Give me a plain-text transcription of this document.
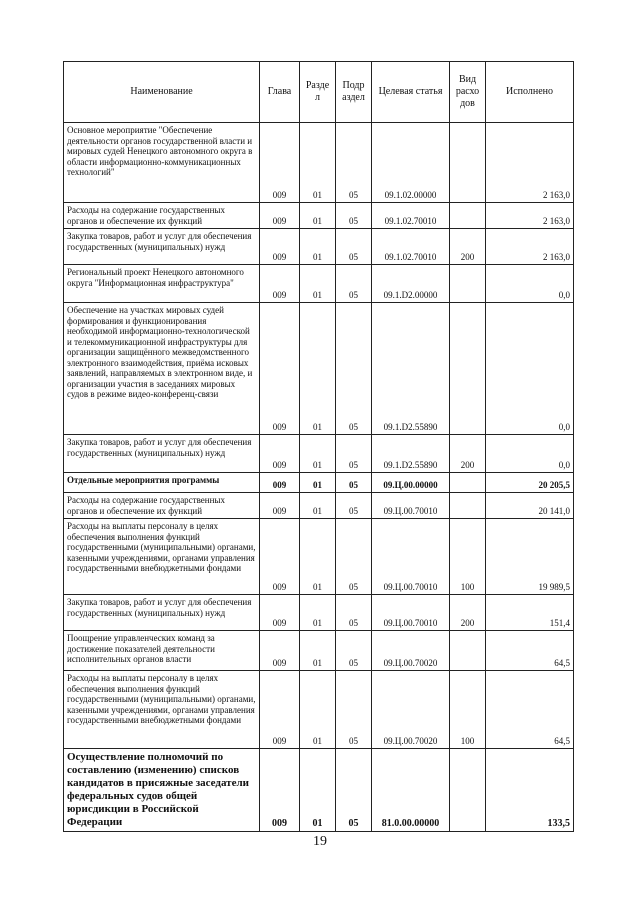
Наименование	Глава	Разде л	Подр аздел	Целевая статья	Вид расхо дов	Исполнено
Основное мероприятие "Обеспечение деятельности органов государственной власти и мировых судей Ненецкого автономного округа в области информационно-коммуникационных технологий"	009	01	05	09.1.02.00000		2 163,0
Расходы на содержание государственных органов и обеспечение их функций	009	01	05	09.1.02.70010		2 163,0
Закупка товаров, работ и услуг для обеспечения государственных (муниципальных) нужд	009	01	05	09.1.02.70010	200	2 163,0
Региональный проект Ненецкого автономного округа "Информационная инфраструктура"	009	01	05	09.1.D2.00000		0,0
Обеспечение на участках мировых судей формирования и функционирования необходимой информационно-технологической и телекоммуникационной инфраструктуры для организации защищённого межведомственного электронного взаимодействия, приёма исковых заявлений, направляемых в электронном виде, и организации участия в заседаниях мировых судов в режиме видео-конференц-связи	009	01	05	09.1.D2.55890		0,0
Закупка товаров, работ и услуг для обеспечения государственных (муниципальных) нужд	009	01	05	09.1.D2.55890	200	0,0
Отдельные мероприятия программы	009	01	05	09.Ц.00.00000		20 205,5
Расходы на содержание государственных органов и обеспечение их функций	009	01	05	09.Ц.00.70010		20 141,0
Расходы на выплаты персоналу в целях обеспечения выполнения функций государственными (муниципальными) органами, казенными учреждениями, органами управления государственными внебюджетными фондами	009	01	05	09.Ц.00.70010	100	19 989,5
Закупка товаров, работ и услуг для обеспечения государственных (муниципальных) нужд	009	01	05	09.Ц.00.70010	200	151,4
Поощрение управленческих команд за достижение показателей деятельности исполнительных органов власти	009	01	05	09.Ц.00.70020		64,5
Расходы на выплаты персоналу в целях обеспечения выполнения функций государственными (муниципальными) органами, казенными учреждениями, органами управления государственными внебюджетными фондами	009	01	05	09.Ц.00.70020	100	64,5
Осуществление полномочий по составлению (изменению) списков кандидатов в присяжные заседатели федеральных судов общей юрисдикции в Российской Федерации	009	01	05	81.0.00.00000		133,5
19
